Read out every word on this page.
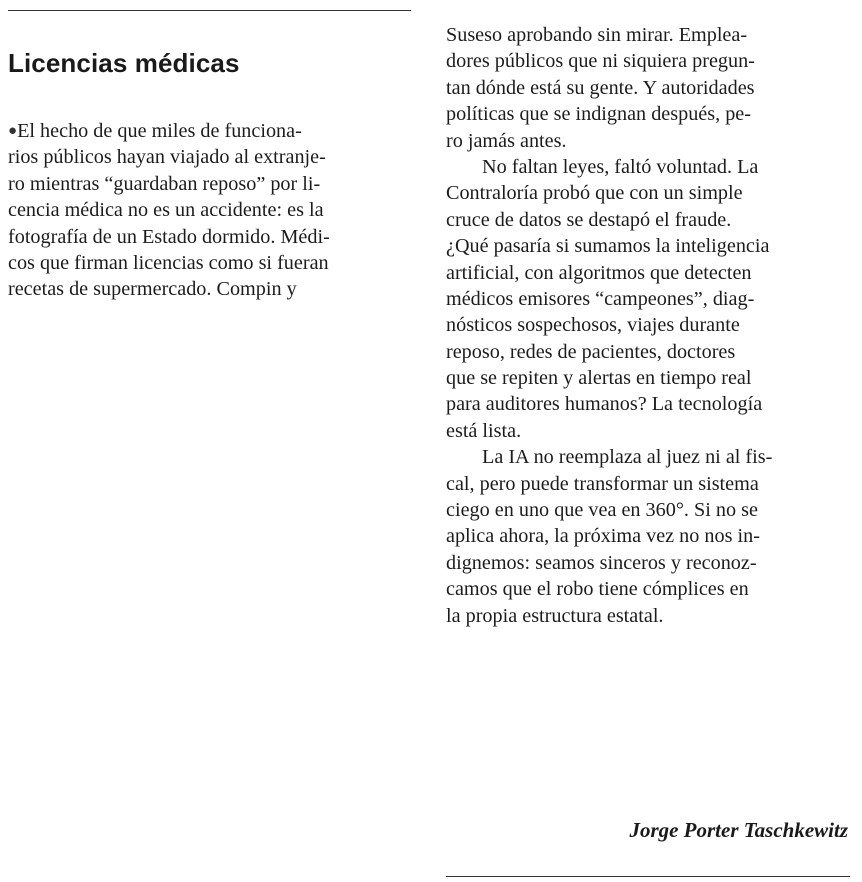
Licencias médicas
●El hecho de que miles de funciona-
rios públicos hayan viajado al extranje-
ro mientras “guardaban reposo” por li-
cencia médica no es un accidente: es la
fotografía de un Estado dormido. Médi-
cos que firman licencias como si fueran
recetas de supermercado. Compin y
Suseso aprobando sin mirar. Emplea-
dores públicos que ni siquiera pregun-
tan dónde está su gente. Y autoridades
políticas que se indignan después, pe-
ro jamás antes.
No faltan leyes, faltó voluntad. La
Contraloría probó que con un simple
cruce de datos se destapó el fraude.
¿Qué pasaría si sumamos la inteligencia
artificial, con algoritmos que detecten
médicos emisores “campeones”, diag-
nósticos sospechosos, viajes durante
reposo, redes de pacientes, doctores
que se repiten y alertas en tiempo real
para auditores humanos? La tecnología
está lista.
La IA no reemplaza al juez ni al fis-
cal, pero puede transformar un sistema
ciego en uno que vea en 360°. Si no se
aplica ahora, la próxima vez no nos in-
dignemos: seamos sinceros y reconoz-
camos que el robo tiene cómplices en
la propia estructura estatal.
Jorge Porter Taschkewitz
